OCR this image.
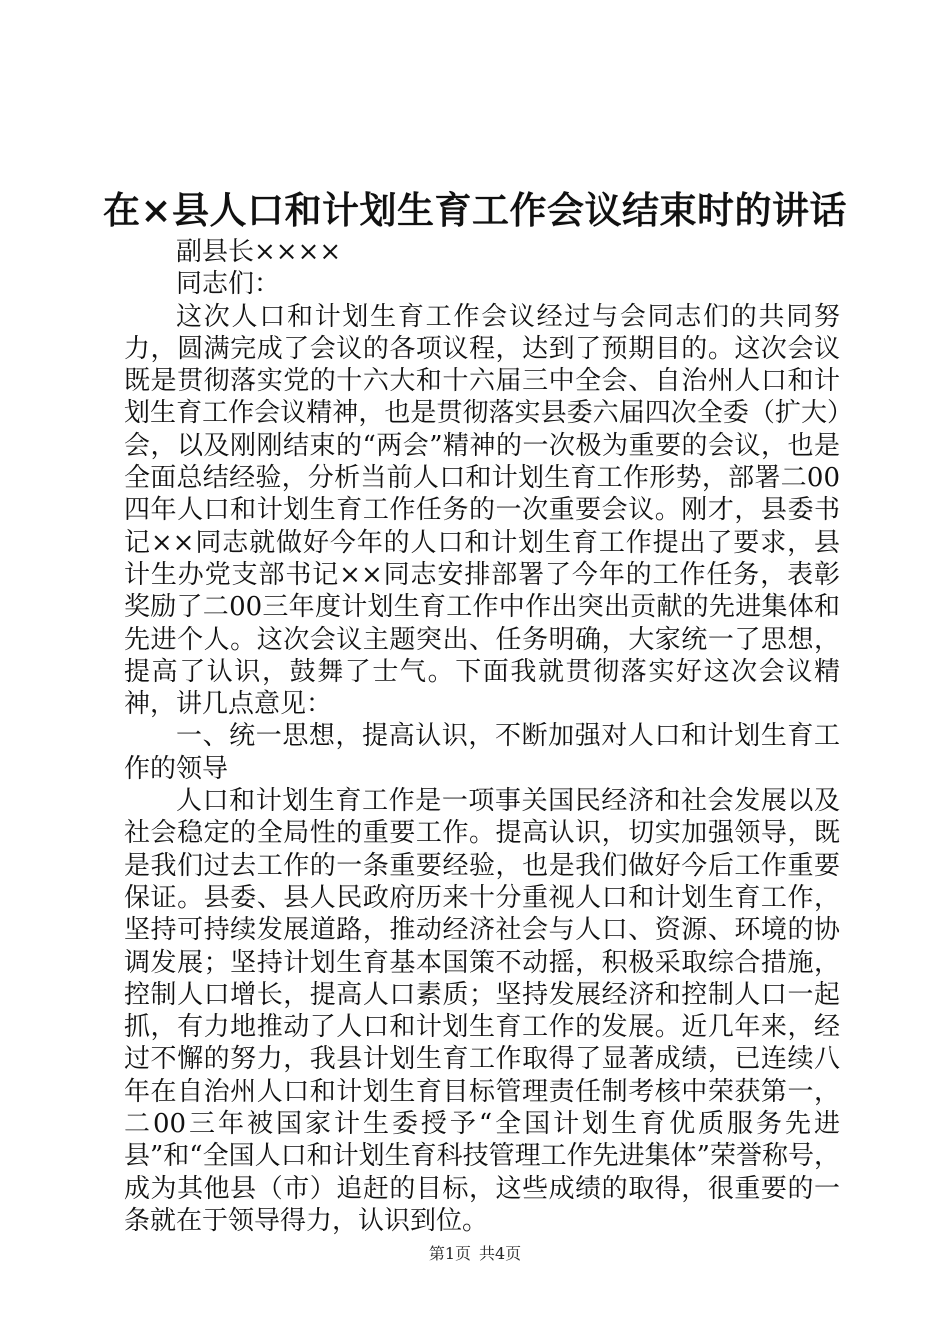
在×县人口和计划生育工作会议结束时的讲话

副县长××××

同志们：

这次人口和计划生育工作会议经过与会同志们的共同努力，圆满完成了会议的各项议程，达到了预期目的。这次会议既是贯彻落实党的十六大和十六届三中全会、自治州人口和计划生育工作会议精神，也是贯彻落实县委六届四次全委（扩大）会，以及刚刚结束的“两会”精神的一次极为重要的会议，也是全面总结经验，分析当前人口和计划生育工作形势，部署二00四年人口和计划生育工作任务的一次重要会议。刚才，县委书记××同志就做好今年的人口和计划生育工作提出了要求，县计生办党支部书记××同志安排部署了今年的工作任务，表彰奖励了二00三年度计划生育工作中作出突出贡献的先进集体和先进个人。这次会议主题突出、任务明确，大家统一了思想，提高了认识，鼓舞了士气。下面我就贯彻落实好这次会议精神，讲几点意见：

一、统一思想，提高认识，不断加强对人口和计划生育工作的领导

人口和计划生育工作是一项事关国民经济和社会发展以及社会稳定的全局性的重要工作。提高认识，切实加强领导，既是我们过去工作的一条重要经验，也是我们做好今后工作重要保证。县委、县人民政府历来十分重视人口和计划生育工作，坚持可持续发展道路，推动经济社会与人口、资源、环境的协调发展；坚持计划生育基本国策不动摇，积极采取综合措施，控制人口增长，提高人口素质；坚持发展经济和控制人口一起抓，有力地推动了人口和计划生育工作的发展。近几年来，经过不懈的努力，我县计划生育工作取得了显著成绩，已连续八年在自治州人口和计划生育目标管理责任制考核中荣获第一，二00三年被国家计生委授予“全国计划生育优质服务先进县”和“全国人口和计划生育科技管理工作先进集体”荣誉称号，成为其他县（市）追赶的目标，这些成绩的取得，很重要的一条就在于领导得力，认识到位。

第1页 共4页
